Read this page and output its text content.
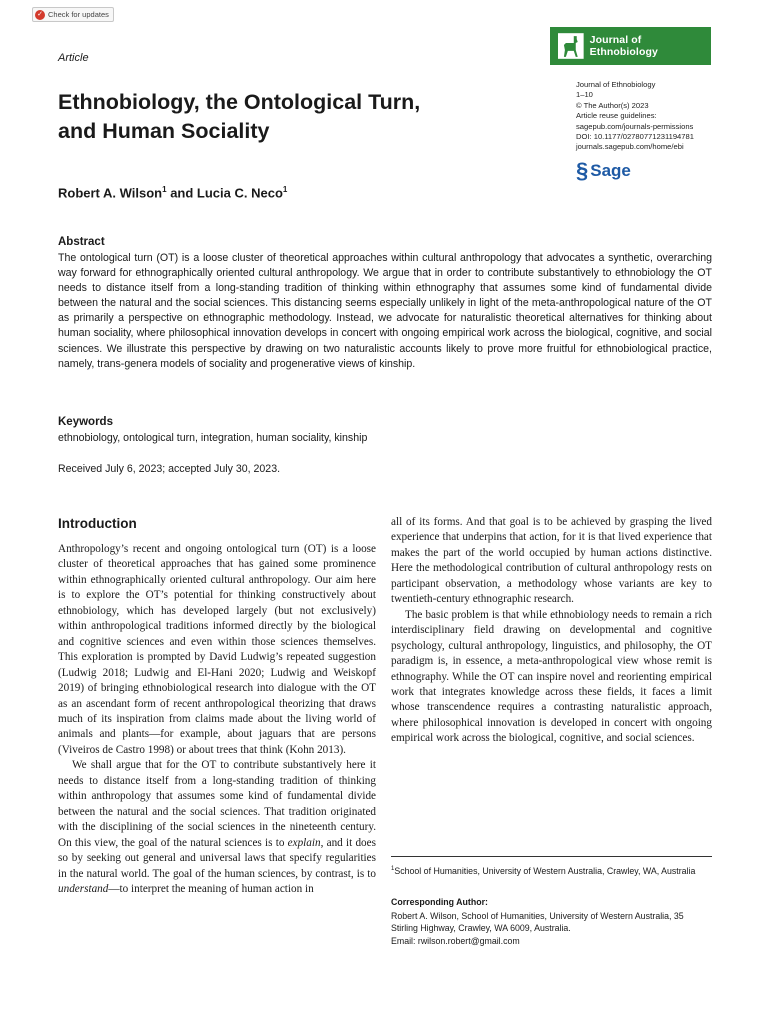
✓ Check for updates
Article
Journal of Ethnobiology
Journal of Ethnobiology
1–10
© The Author(s) 2023
Article reuse guidelines:
sagepub.com/journals-permissions
DOI: 10.1177/02780771231194781
journals.sagepub.com/home/ebi
§ Sage
Ethnobiology, the Ontological Turn,
and Human Sociality
Robert A. Wilson$^1$ and Lucia C. Neco$^1$
Abstract
The ontological turn (OT) is a loose cluster of theoretical approaches within cultural anthropology that advocates a synthetic, overarching way forward for ethnographically oriented cultural anthropology. We argue that in order to contribute substantively to ethnobiology the OT needs to distance itself from a long-standing tradition of thinking within ethnography that assumes some kind of fundamental divide between the natural and the social sciences. This distancing seems especially unlikely in light of the meta-anthropological nature of the OT as primarily a perspective on ethnographic methodology. Instead, we advocate for naturalistic theoretical alternatives for thinking about human sociality, where philosophical innovation develops in concert with ongoing empirical work across the biological, cognitive, and social sciences. We illustrate this perspective by drawing on two naturalistic accounts likely to prove more fruitful for ethnobiological practice, namely, trans-genera models of sociality and progenerative views of kinship.
Keywords
ethnobiology, ontological turn, integration, human sociality, kinship
Received July 6, 2023; accepted July 30, 2023.
Introduction

Anthropology’s recent and ongoing ontological turn (OT) is a loose cluster of theoretical approaches that has gained some prominence within ethnographically oriented cultural anthropology. Our aim here is to explore the OT’s potential for thinking constructively about ethnobiology, which has developed largely (but not exclusively) within anthropological traditions informed directly by the biological and cognitive sciences and even within those sciences themselves. This exploration is prompted by David Ludwig’s repeated suggestion (Ludwig 2018; Ludwig and El-Hani 2020; Ludwig and Weiskopf 2019) of bringing ethnobiological research into dialogue with the OT as an ascendant form of recent anthropological theorizing that draws much of its inspiration from claims made about the living world of animals and plants—for example, about jaguars that are persons (Viveiros de Castro 1998) or about trees that think (Kohn 2013).

We shall argue that for the OT to contribute substantively here it needs to distance itself from a long-standing tradition of thinking within anthropology that assumes some kind of fundamental divide between the natural and the social sciences. That tradition originated with the disciplining of the social sciences in the nineteenth century. On this view, the goal of the natural sciences is to explain, and it does so by seeking out general and universal laws that specify regularities in the natural world. The goal of the human sciences, by contrast, is to understand—to interpret the meaning of human action in

all of its forms. And that goal is to be achieved by grasping the lived experience that underpins that action, for it is that lived experience that makes the part of the world occupied by human actions distinctive. Here the methodological contribution of cultural anthropology rests on participant observation, a methodology whose variants are key to twentieth-century ethnographic research.

The basic problem is that while ethnobiology needs to remain a rich interdisciplinary field drawing on developmental and cognitive psychology, cultural anthropology, linguistics, and philosophy, the OT paradigm is, in essence, a meta-anthropological view whose remit is ethnography. While the OT can inspire novel and reorienting empirical work that integrates knowledge across these fields, it faces a limit whose transcendence requires a contrasting naturalistic approach, where philosophical innovation is developed in concert with ongoing empirical work across the biological, cognitive, and social sciences.

$^1$School of Humanities, University of Western Australia, Crawley, WA, Australia
Corresponding Author:
Robert A. Wilson, School of Humanities, University of Western Australia, 35
Stirling Highway, Crawley, WA 6009, Australia.
Email: rwilson.robert@gmail.com
